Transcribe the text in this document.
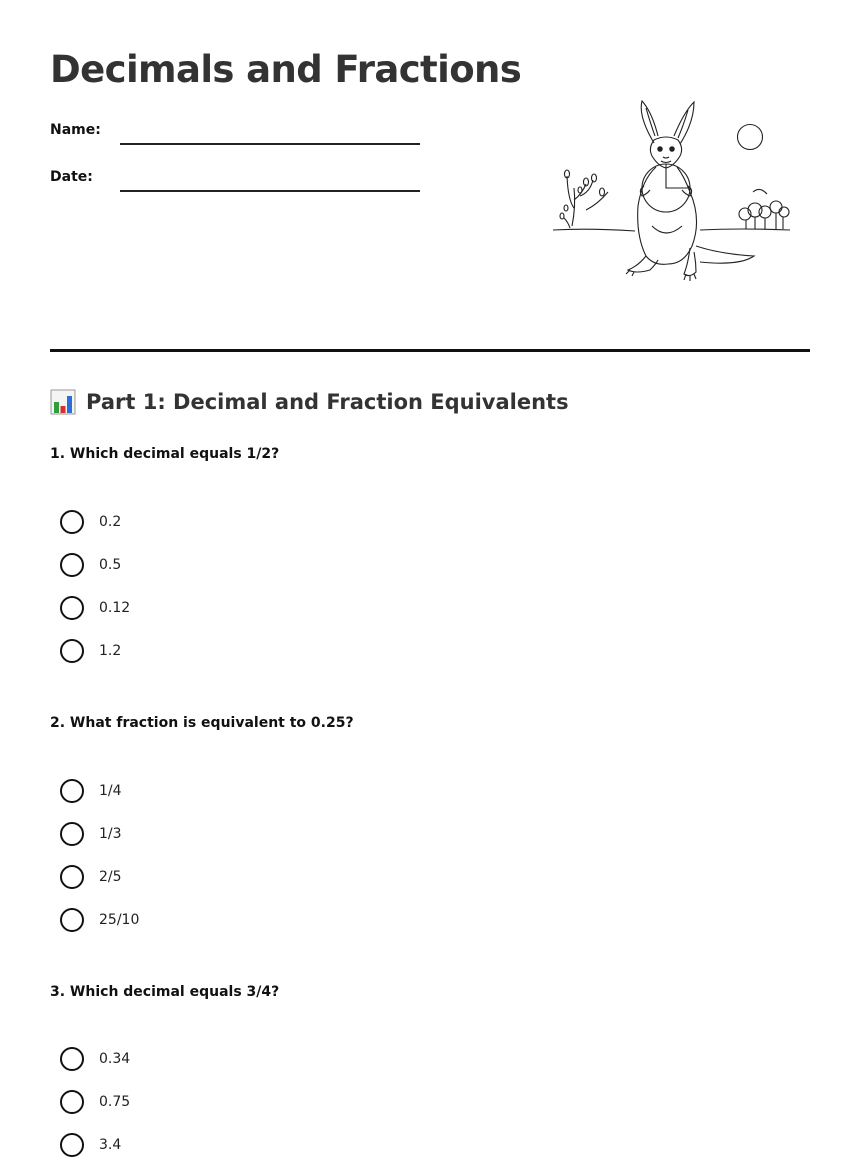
Decimals and Fractions
Name:
Date:
Part 1: Decimal and Fraction Equivalents

1. Which decimal equals 1/2?

0.2
0.5
0.12
1.2

2. What fraction is equivalent to 0.25?

1/4
1/3
2/5
25/10

3. Which decimal equals 3/4?

0.34
0.75
3.4
